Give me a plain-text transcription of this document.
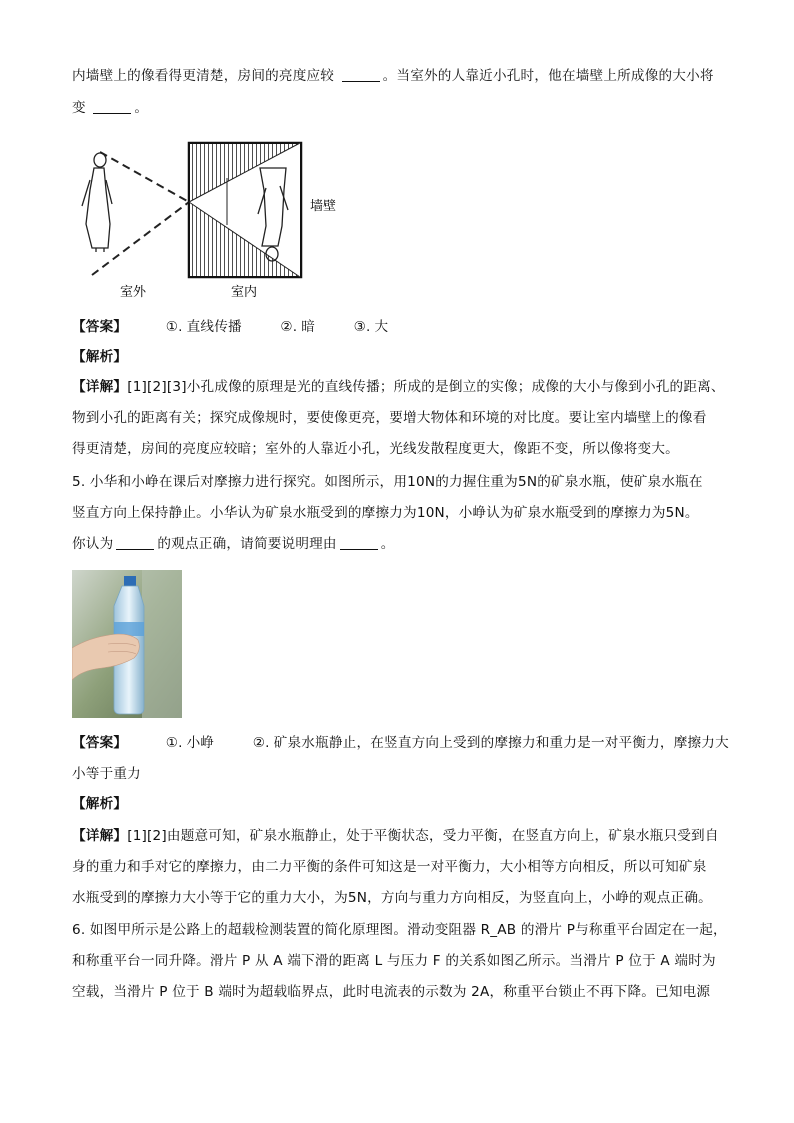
内墙壁上的像看得更清楚，房间的亮度应较	。当室外的人靠近小孔时，他在墙壁上所成像的大小将
变	。
墙壁
室外	室内
【答案】	①. 直线传播	②. 暗	③. 大
【解析】
【详解】[1][2][3]小孔成像的原理是光的直线传播；所成的是倒立的实像；成像的大小与像到小孔的距离、
物到小孔的距离有关；探究成像规时，要使像更亮，要增大物体和环境的对比度。要让室内墙壁上的像看
得更清楚，房间的亮度应较暗；室外的人靠近小孔，光线发散程度更大，像距不变，所以像将变大。
5. 小华和小峥在课后对摩擦力进行探究。如图所示，用10N的力握住重为5N的矿泉水瓶，使矿泉水瓶在
竖直方向上保持静止。小华认为矿泉水瓶受到的摩擦力为10N，小峥认为矿泉水瓶受到的摩擦力为5N。
你认为	的观点正确，请简要说明理由	。
【答案】	①. 小峥	②. 矿泉水瓶静止，在竖直方向上受到的摩擦力和重力是一对平衡力，摩擦力大
小等于重力
【解析】
【详解】[1][2]由题意可知，矿泉水瓶静止，处于平衡状态，受力平衡，在竖直方向上，矿泉水瓶只受到自
身的重力和手对它的摩擦力，由二力平衡的条件可知这是一对平衡力，大小相等方向相反，所以可知矿泉
水瓶受到的摩擦力大小等于它的重力大小，为5N，方向与重力方向相反，为竖直向上，小峥的观点正确。
6. 如图甲所示是公路上的超载检测装置的简化原理图。滑动变阻器 R_AB 的滑片 P与称重平台固定在一起，
和称重平台一同升降。滑片 P 从 A 端下滑的距离 L 与压力 F 的关系如图乙所示。当滑片 P 位于 A 端时为
空载，当滑片 P 位于 B 端时为超载临界点，此时电流表的示数为 2A，称重平台锁止不再下降。已知电源
